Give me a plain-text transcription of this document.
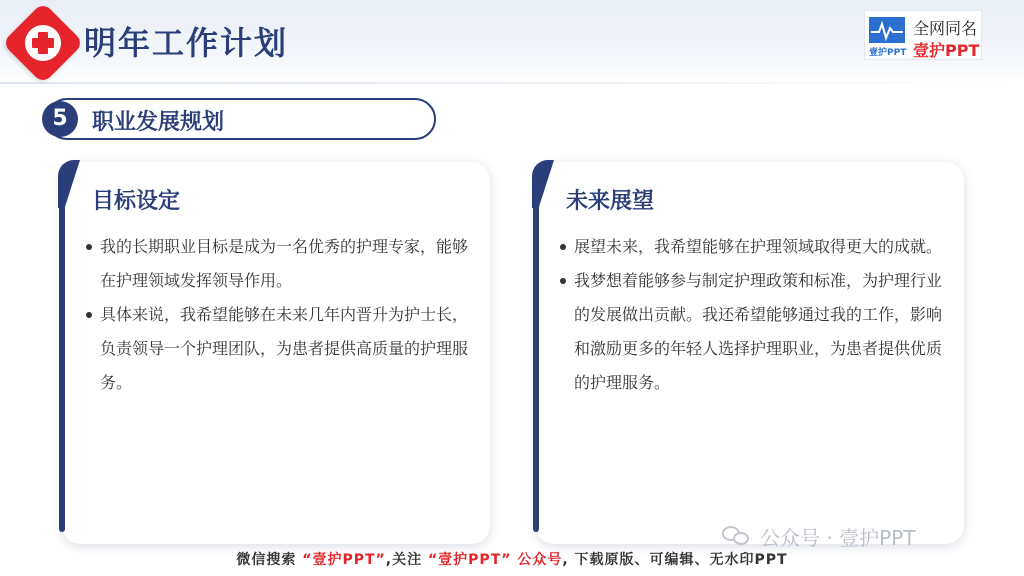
明年工作计划	壹护PPT
全网同名
壹护PPT
5	职业发展规划
目标设定
我的长期职业目标是成为一名优秀的护理专家，能够在护理领域发挥领导作用。
具体来说，我希望能够在未来几年内晋升为护士长，负责领导一个护理团队，为患者提供高质量的护理服务。
未来展望
展望未来，我希望能够在护理领域取得更大的成就。
我梦想着能够参与制定护理政策和标准，为护理行业的发展做出贡献。我还希望能够通过我的工作，影响和激励更多的年轻人选择护理职业，为患者提供优质的护理服务。
公众号 · 壹护PPT
微信搜索 “壹护PPT”,关注 “壹护PPT” 公众号, 下载原版、可编辑、无水印PPT
